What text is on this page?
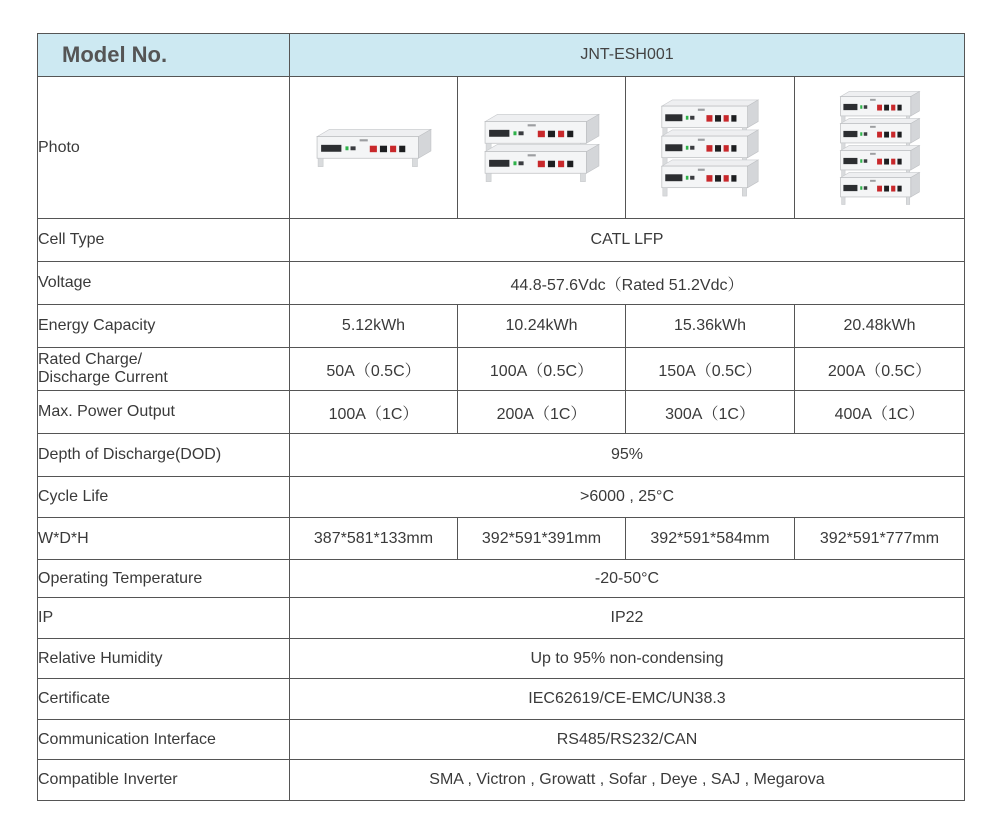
Model No.	JNT-ESH001			
Photo	

Cell Type	CATL LFP			
Voltage	44.8-57.6Vdc（Rated 51.2Vdc）			
Energy Capacity	5.12kWh	10.24kWh	15.36kWh	20.48kWh
Rated Charge/
Discharge Current	50A（0.5C）	100A（0.5C）	150A（0.5C）	200A（0.5C）
Max. Power Output	100A（1C）	200A（1C）	300A（1C）	400A（1C）
Depth of Discharge(DOD)	95%			
Cycle Life	>6000 , 25°C			
W*D*H	387*581*133mm	392*591*391mm	392*591*584mm	392*591*777mm
Operating Temperature	-20-50°C			
IP	IP22			
Relative Humidity	Up to 95% non-condensing			
Certificate	IEC62619/CE-EMC/UN38.3			
Communication Interface	RS485/RS232/CAN			
Compatible Inverter	SMA , Victron , Growatt , Sofar , Deye , SAJ , Megarova			
